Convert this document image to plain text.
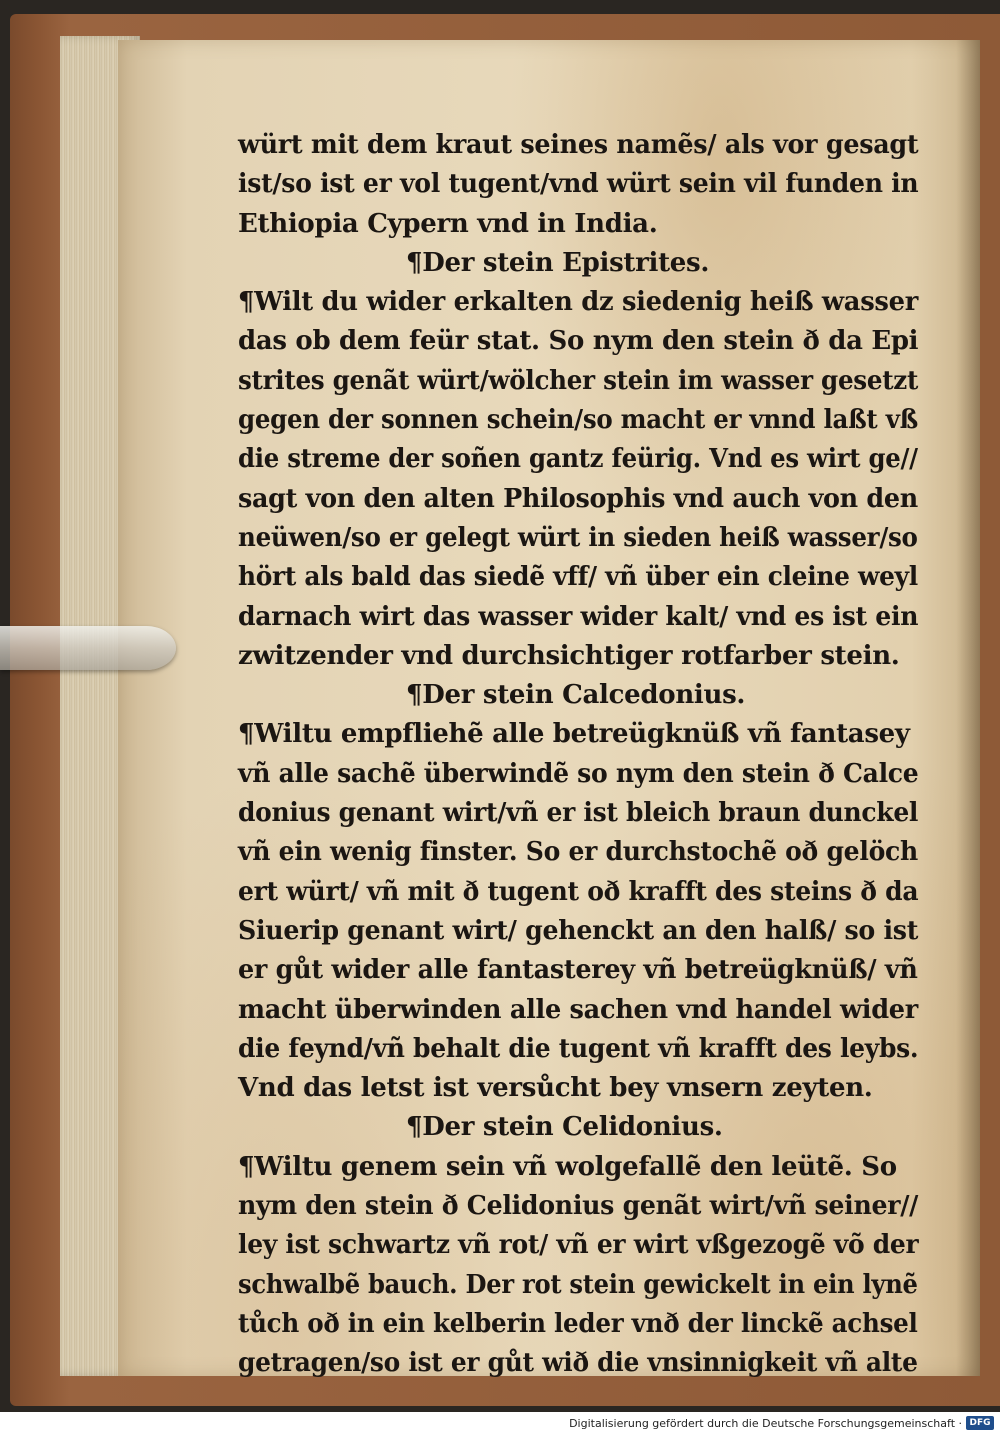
würt mit dem kraut seines namẽs/ als vor gesagt
ist/so ist er vol tugent/vnd würt sein vil funden in
Ethiopia Cypern vnd in India.
¶Der stein Epistrites.
¶Wilt du wider erkalten dz siedenig heiß wasser
das ob dem feür stat. So nym den stein ð da Epi
strites genãt würt/wölcher stein im wasser gesetzt
gegen der sonnen schein/so macht er vnnd laßt vß
die streme der soñen gantz feürig. Vnd es wirt ge//
sagt von den alten Philosophis vnd auch von den
neüwen/so er gelegt würt in sieden heiß wasser/so
hört als bald das siedẽ vff/ vñ über ein cleine weyl
darnach wirt das wasser wider kalt/ vnd es ist ein
zwitzender vnd durchsichtiger rotfarber stein.
¶Der stein Calcedonius.
¶Wiltu empfliehẽ alle betreügknüß vñ fantasey
vñ alle sachẽ überwindẽ so nym den stein ð Calce
donius genant wirt/vñ er ist bleich braun dunckel
vñ ein wenig finster. So er durchstochẽ oð gelöch
ert würt/ vñ mit ð tugent oð krafft des steins ð da
Siuerip genant wirt/ gehenckt an den halß/ so ist
er gůt wider alle fantasterey vñ betreügknüß/ vñ
macht überwinden alle sachen vnd handel wider
die feynd/vñ behalt die tugent vñ krafft des leybs.
Vnd das letst ist versůcht bey vnsern zeyten.
¶Der stein Celidonius.
¶Wiltu genem sein vñ wolgefallẽ den leütẽ. So
nym den stein ð Celidonius genãt wirt/vñ seiner//
ley ist schwartz vñ rot/ vñ er wirt vßgezogẽ võ der
schwalbẽ bauch. Der rot stein gewickelt in ein lynẽ
tůch oð in ein kelberin leder vnð der linckẽ achsel
getragen/so ist er gůt wið die vnsinnigkeit vñ alte
Digitalisierung gefördert durch die Deutsche Forschungsgemeinschaft · DFG
